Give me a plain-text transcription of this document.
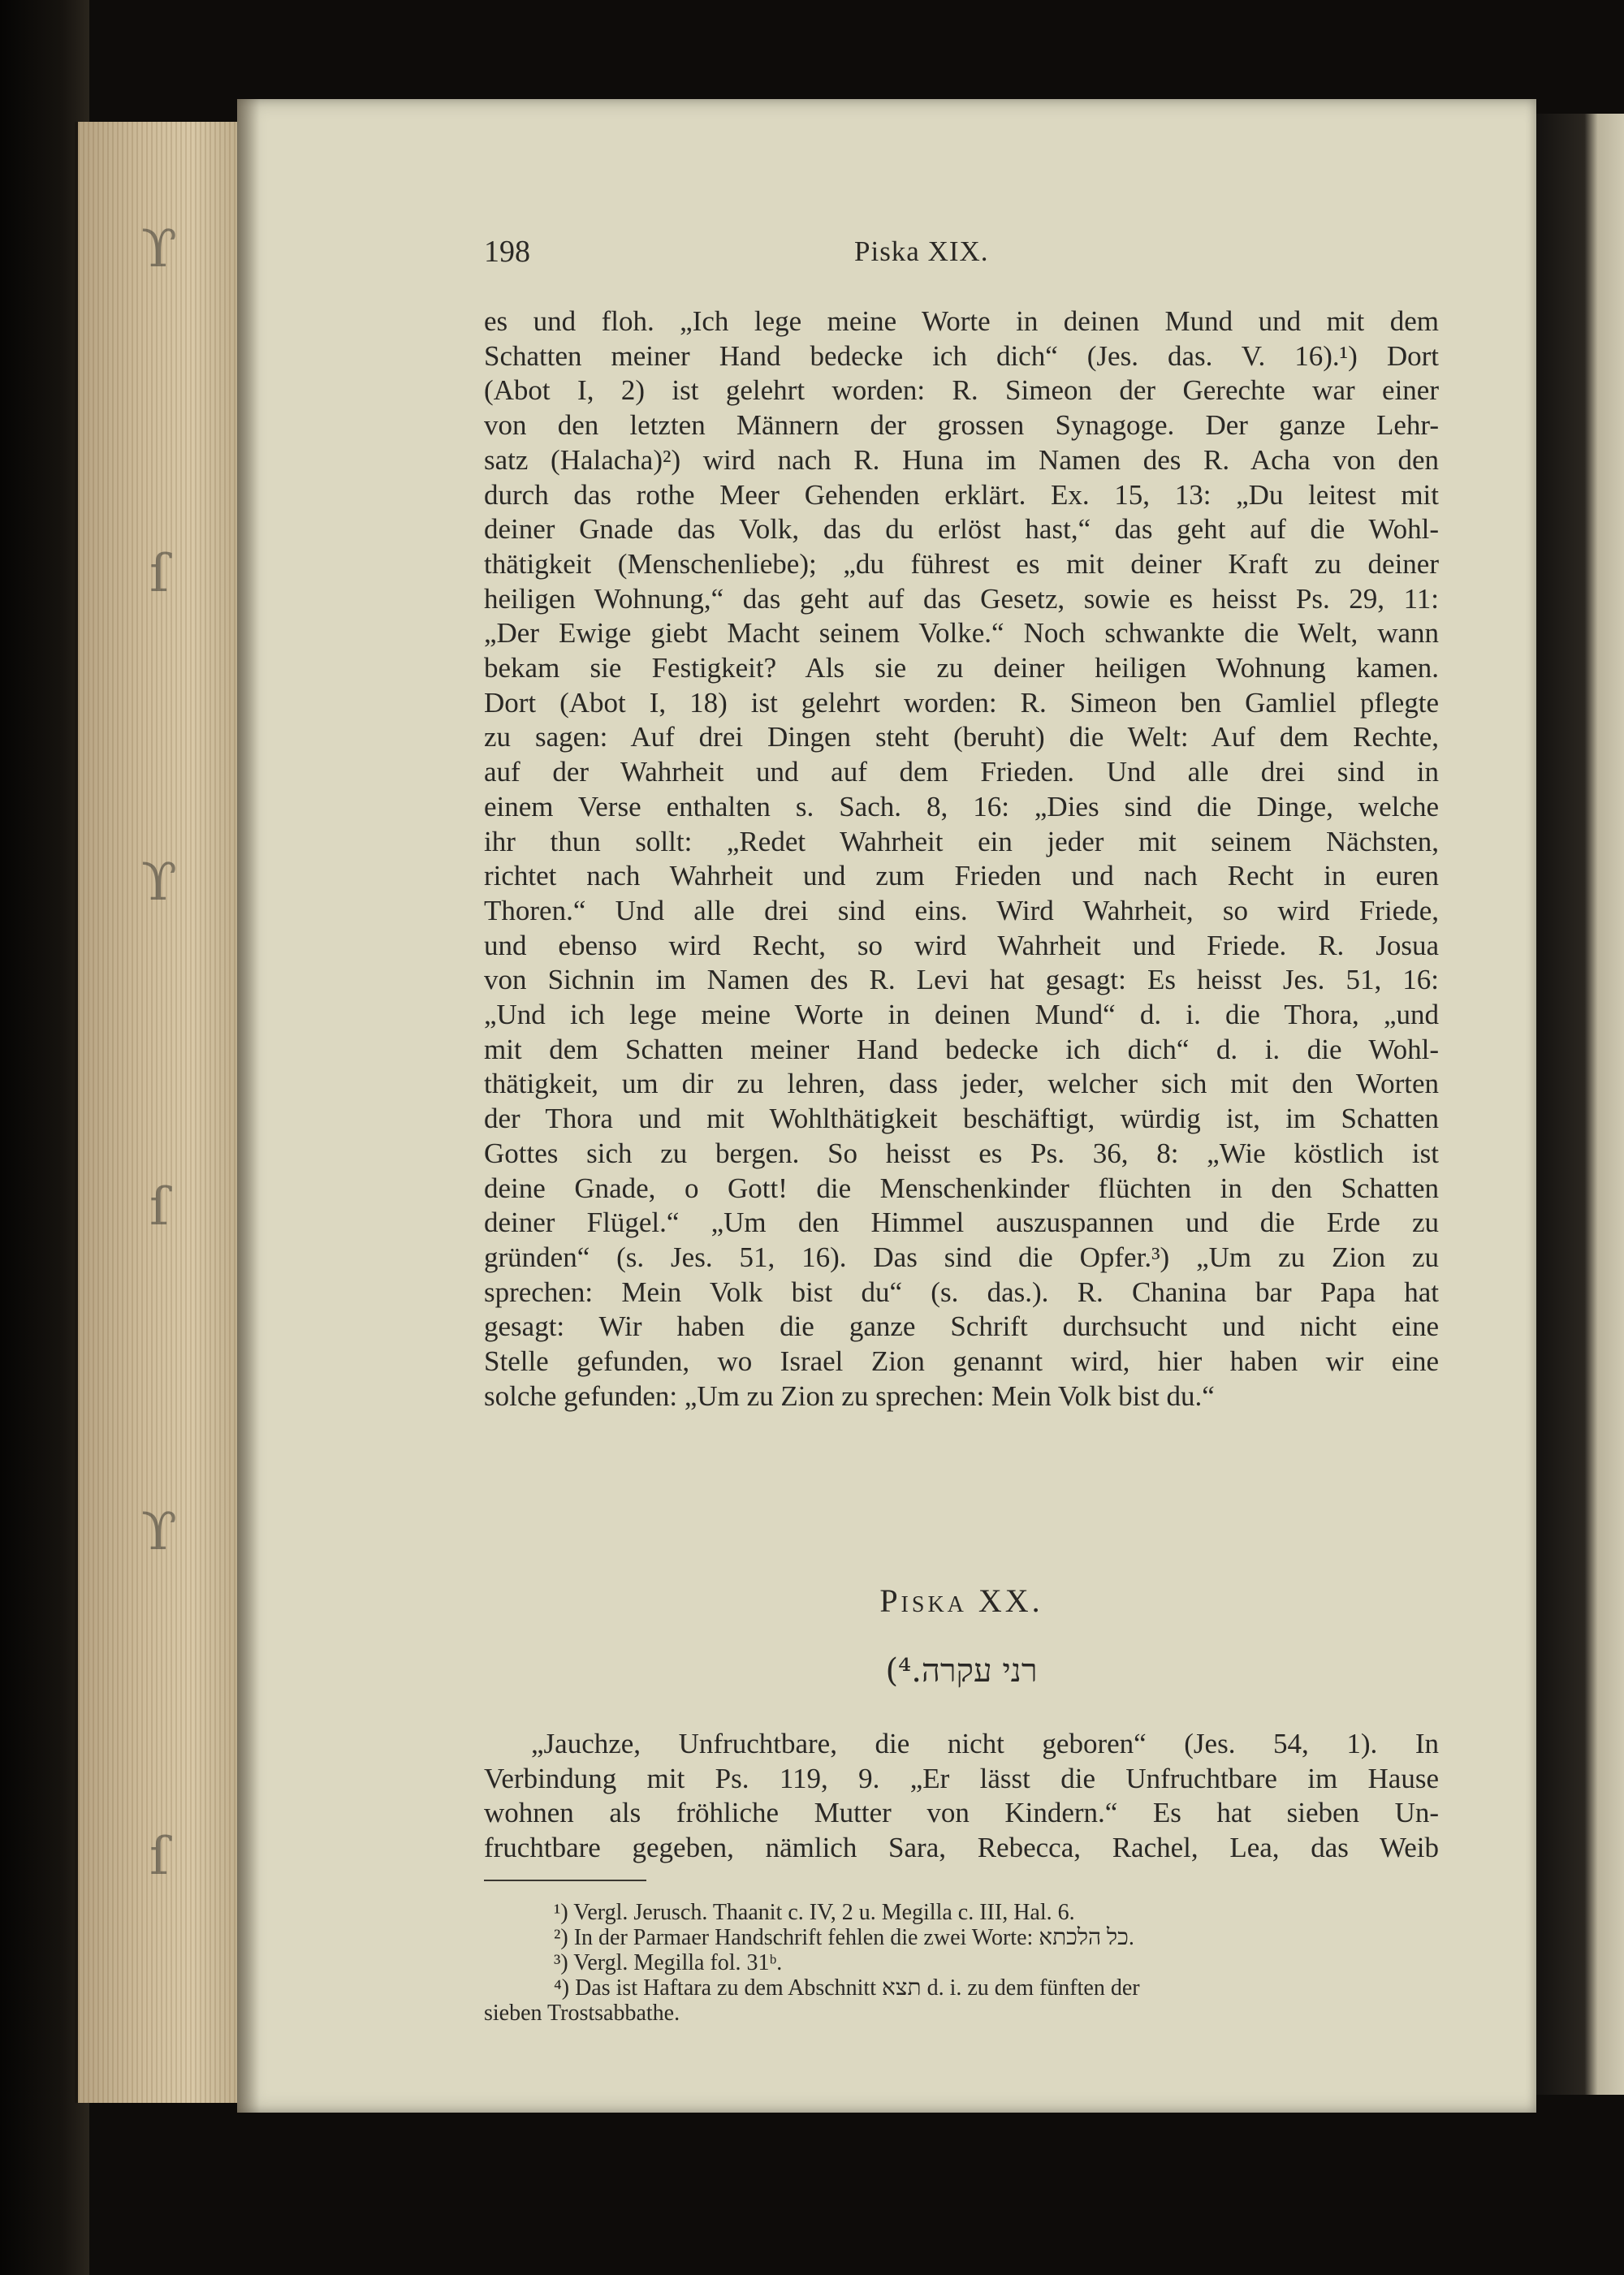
ϒ
ſ
ϒ
ſ
ϒ
ſ
198	Piska XIX.
es und floh. „Ich lege meine Worte in deinen Mund und mit dem
Schatten meiner Hand bedecke ich dich“ (Jes. das. V. 16).¹) Dort
(Abot I, 2) ist gelehrt worden: R. Simeon der Gerechte war einer
von den letzten Männern der grossen Synagoge. Der ganze Lehr-
satz (Halacha)²) wird nach R. Huna im Namen des R. Acha von den
durch das rothe Meer Gehenden erklärt. Ex. 15, 13: „Du leitest mit
deiner Gnade das Volk, das du erlöst hast,“ das geht auf die Wohl-
thätigkeit (Menschenliebe); „du führest es mit deiner Kraft zu deiner
heiligen Wohnung,“ das geht auf das Gesetz, sowie es heisst Ps. 29, 11:
„Der Ewige giebt Macht seinem Volke.“ Noch schwankte die Welt, wann
bekam sie Festigkeit? Als sie zu deiner heiligen Wohnung kamen.
Dort (Abot I, 18) ist gelehrt worden: R. Simeon ben Gamliel pflegte
zu sagen: Auf drei Dingen steht (beruht) die Welt: Auf dem Rechte,
auf der Wahrheit und auf dem Frieden. Und alle drei sind in
einem Verse enthalten s. Sach. 8, 16: „Dies sind die Dinge, welche
ihr thun sollt: „Redet Wahrheit ein jeder mit seinem Nächsten,
richtet nach Wahrheit und zum Frieden und nach Recht in euren
Thoren.“ Und alle drei sind eins. Wird Wahrheit, so wird Friede,
und ebenso wird Recht, so wird Wahrheit und Friede. R. Josua
von Sichnin im Namen des R. Levi hat gesagt: Es heisst Jes. 51, 16:
„Und ich lege meine Worte in deinen Mund“ d. i. die Thora, „und
mit dem Schatten meiner Hand bedecke ich dich“ d. i. die Wohl-
thätigkeit, um dir zu lehren, dass jeder, welcher sich mit den Worten
der Thora und mit Wohlthätigkeit beschäftigt, würdig ist, im Schatten
Gottes sich zu bergen. So heisst es Ps. 36, 8: „Wie köstlich ist
deine Gnade, o Gott! die Menschenkinder flüchten in den Schatten
deiner Flügel.“ „Um den Himmel auszuspannen und die Erde zu
gründen“ (s. Jes. 51, 16). Das sind die Opfer.³) „Um zu Zion zu
sprechen: Mein Volk bist du“ (s. das.). R. Chanina bar Papa hat
gesagt: Wir haben die ganze Schrift durchsucht und nicht eine
Stelle gefunden, wo Israel Zion genannt wird, hier haben wir eine
solche gefunden: „Um zu Zion zu sprechen: Mein Volk bist du.“
Piska XX.
רני עקרה.⁴)
„Jauchze, Unfruchtbare, die nicht geboren“ (Jes. 54, 1). In
Verbindung mit Ps. 119, 9. „Er lässt die Unfruchtbare im Hause
wohnen als fröhliche Mutter von Kindern.“ Es hat sieben Un-
fruchtbare gegeben, nämlich Sara, Rebecca, Rachel, Lea, das Weib
¹) Vergl. Jerusch. Thaanit c. IV, 2 u. Megilla c. III, Hal. 6.
²) In der Parmaer Handschrift fehlen die zwei Worte: כל הלכתא.
³) Vergl. Megilla fol. 31ᵇ.
⁴) Das ist Haftara zu dem Abschnitt תצא d. i. zu dem fünften der
sieben Trostsabbathe.
